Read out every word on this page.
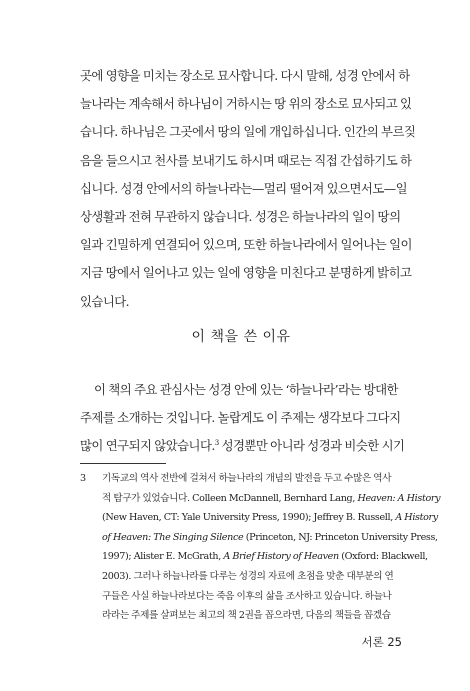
곳에 영향을 미치는 장소로 묘사합니다. 다시 말해, 성경 안에서 하
늘나라는 계속해서 하나님이 거하시는 땅 위의 장소로 묘사되고 있
습니다. 하나님은 그곳에서 땅의 일에 개입하십니다. 인간의 부르짖
음을 들으시고 천사를 보내기도 하시며 때로는 직접 간섭하기도 하
십니다. 성경 안에서의 하늘나라는—멀리 떨어져 있으면서도—일
상생활과 전혀 무관하지 않습니다. 성경은 하늘나라의 일이 땅의
일과 긴밀하게 연결되어 있으며, 또한 하늘나라에서 일어나는 일이
지금 땅에서 일어나고 있는 일에 영향을 미친다고 분명하게 밝히고
있습니다.
이 책을 쓴 이유
이 책의 주요 관심사는 성경 안에 있는 ‘하늘나라’라는 방대한
주제를 소개하는 것입니다. 놀랍게도 이 주제는 생각보다 그다지
많이 연구되지 않았습니다.$^3$ 성경뿐만 아니라 성경과 비슷한 시기
3	기독교의 역사 전반에 걸쳐서 하늘나라의 개념의 발전을 두고 수많은 역사
적 탐구가 있었습니다. Colleen McDannell, Bernhard Lang, Heaven: A History
(New Haven, CT: Yale University Press, 1990); Jeffrey B. Russell, A History
of Heaven: The Singing Silence (Princeton, NJ: Princeton University Press,
1997); Alister E. McGrath, A Brief History of Heaven (Oxford: Blackwell,
2003). 그러나 하늘나라를 다루는 성경의 자료에 초점을 맞춘 대부분의 연
구들은 사실 하늘나라보다는 죽음 이후의 삶을 조사하고 있습니다. 하늘나
라라는 주제를 살펴보는 최고의 책 2권을 꼽으라면, 다음의 책들을 꼽겠습
서론 25
